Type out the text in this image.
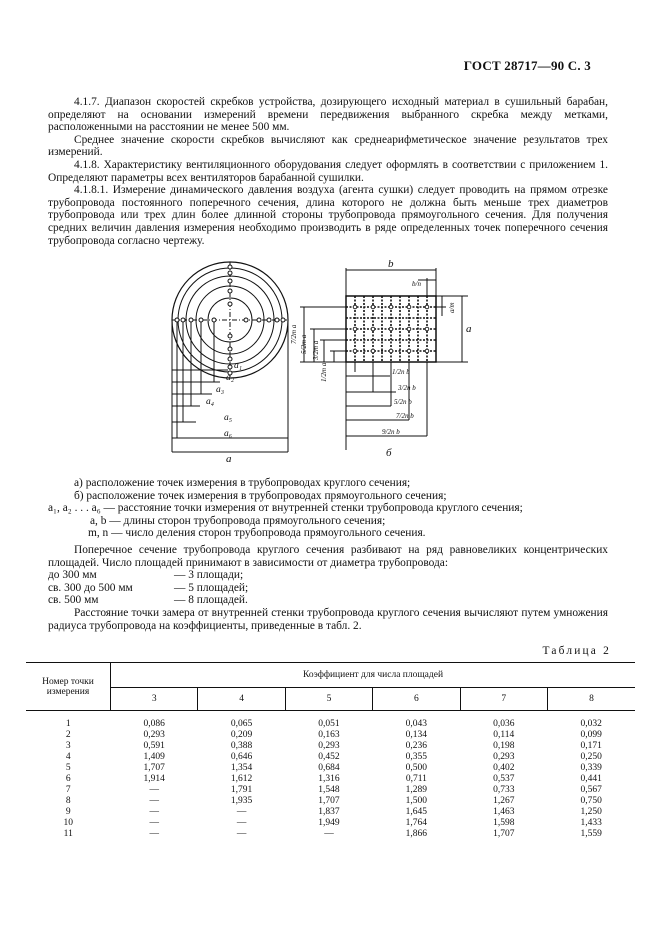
ГОСТ 28717—90 С. 3

4.1.7. Диапазон скоростей скребков устройства, дозирующего исходный материал в сушильный барабан, определяют на основании измерений времени передвижения выбранного скребка между метками, расположенными на расстоянии не менее 500 мм.

Среднее значение скорости скребков вычисляют как среднеарифметическое значение результатов трех измерений.

4.1.8. Характеристику вентиляционного оборудования следует оформлять в соответствии с приложением 1. Определяют параметры всех вентиляторов барабанной сушилки.

4.1.8.1. Измерение динамического давления воздуха (агента сушки) следует проводить на прямом отрезке трубопровода постоянного поперечного сечения, длина которого не должна быть меньше трех диаметров трубопровода или трех длин более длинной стороны трубопровода прямоугольного сечения. Для получения средних величин давления измерения необходимо производить в ряде определенных точек поперечного сечения трубопровода согласно чертежу.

a₁
a₂
a₃
a₄
a₅
a₆
а	б
b
a
b/n
a/m
7/2m a
5/2m a 3/2m a
1/2m a	1/2n b
3/2n b
5/2n b
7/2n b
9/2n b
а) расположение точек измерения в трубопроводах круглого сечения;
б) расположение точек измерения в трубопроводах прямоугольного сечения;
a₁, a₂ . . . a₆ — расстояние точки измерения от внутренней стенки трубопровода круглого сечения;
a, b — длины сторон трубопровода прямоугольного сечения;
m, n — число деления сторон трубопровода прямоугольного сечения.

Поперечное сечение трубопровода круглого сечения разбивают на ряд равновеликих концентрических площадей. Число площадей принимают в зависимости от диаметра трубопровода:

до 300 мм	— 3 площади;
св. 300 до 500 мм	— 5 площадей;
св. 500 мм	— 8 площадей.

Расстояние точки замера от внутренней стенки трубопровода круглого сечения вычисляют путем умножения радиуса трубопровода на коэффициенты, приведенные в табл. 2.

Таблица 2
Номер точки измерения	Коэффициент для числа площадей					
	3	4	5	6	7	8
1	0,086	0,065	0,051	0,043	0,036	0,032
2	0,293	0,209	0,163	0,134	0,114	0,099
3	0,591	0,388	0,293	0,236	0,198	0,171
4	1,409	0,646	0,452	0,355	0,293	0,250
5	1,707	1,354	0,684	0,500	0,402	0,339
6	1,914	1,612	1,316	0,711	0,537	0,441
7	—	1,791	1,548	1,289	0,733	0,567
8	—	1,935	1,707	1,500	1,267	0,750
9	—	—	1,837	1,645	1,463	1,250
10	—	—	1,949	1,764	1,598	1,433
11	—	—	—	1,866	1,707	1,559
